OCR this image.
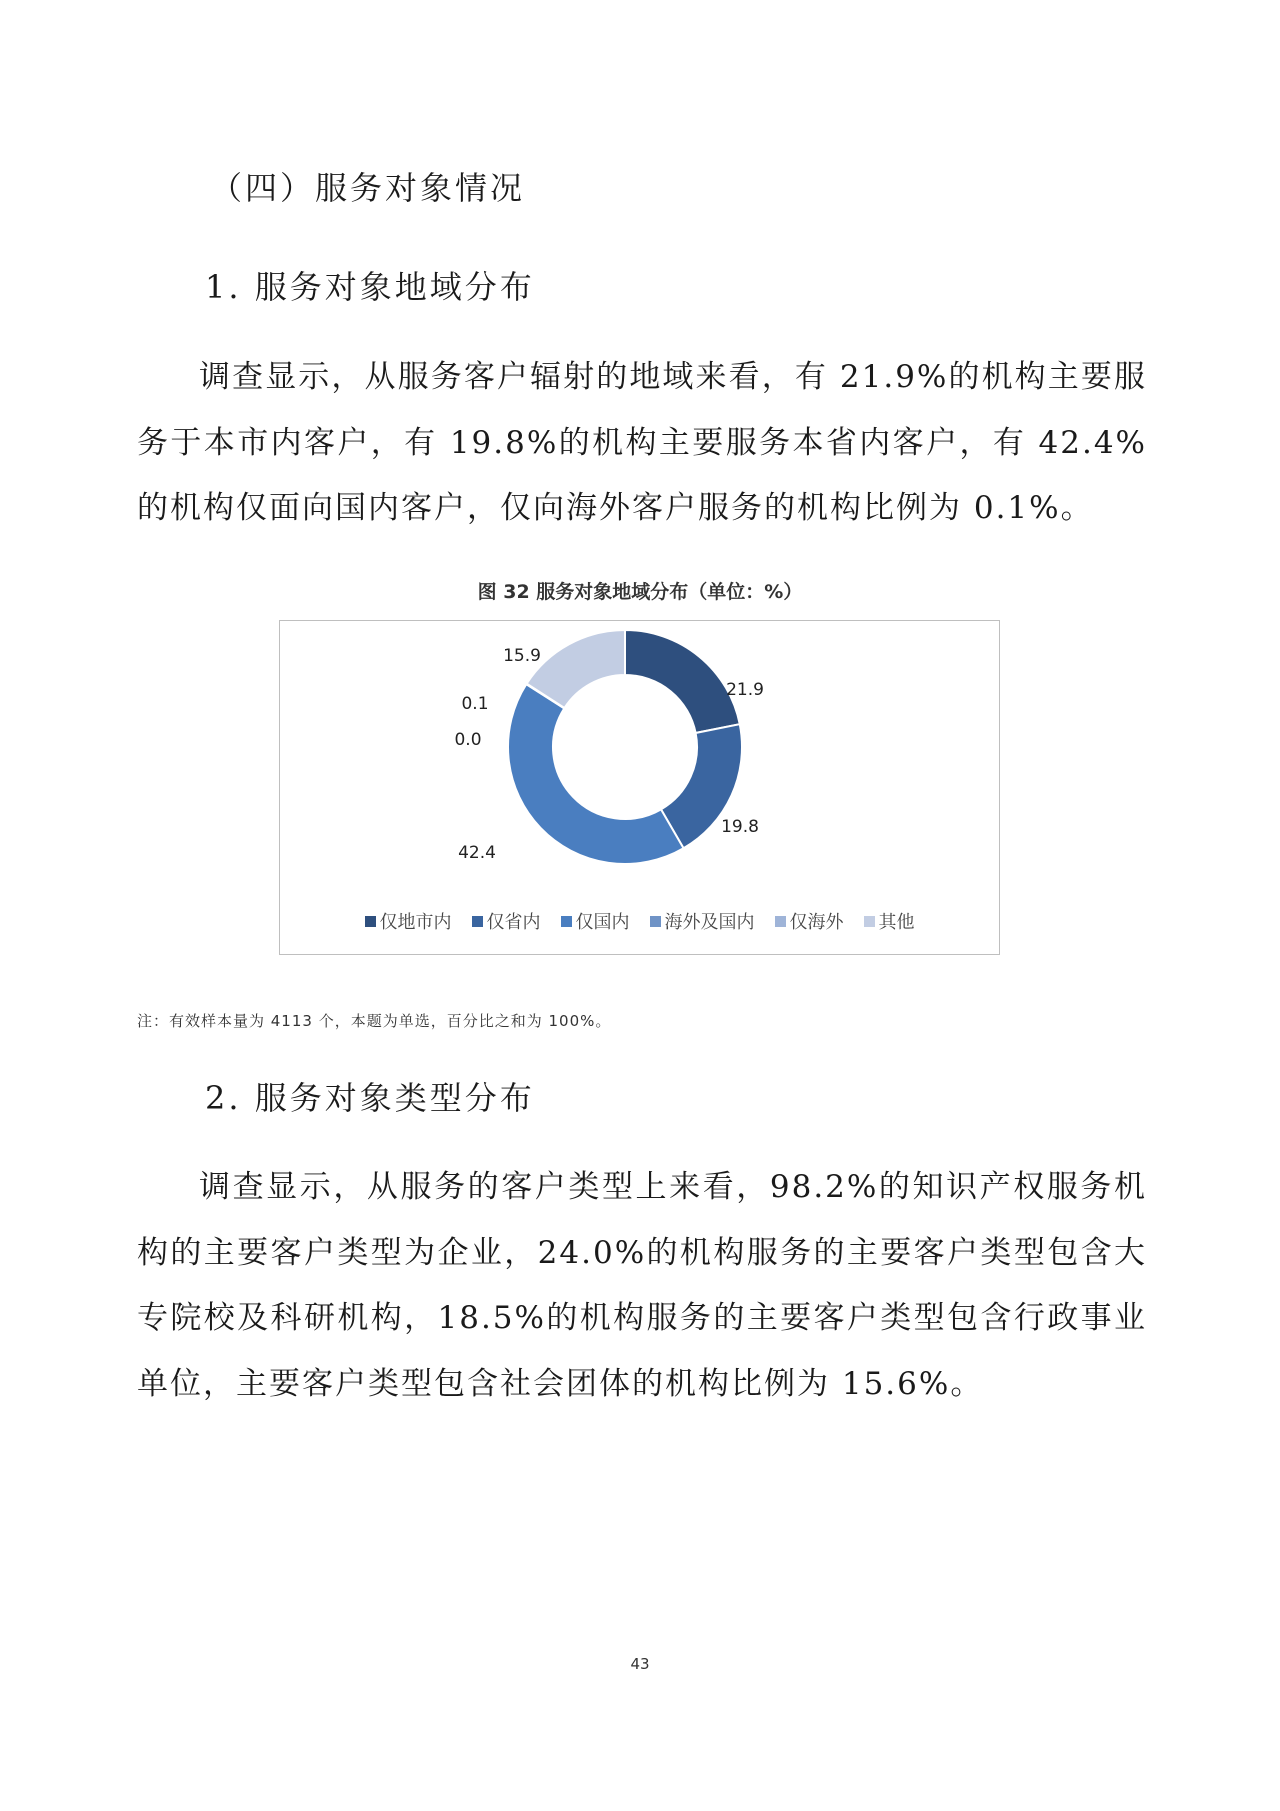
（四）服务对象情况
1. 服务对象地域分布
调查显示，从服务客户辐射的地域来看，有 21.9%的机构主要服务于本市内客户，有 19.8%的机构主要服务本省内客户，有 42.4%的机构仅面向国内客户，仅向海外客户服务的机构比例为 0.1%。
图 32 服务对象地域分布（单位：%）
21.9
19.8
42.4
0.0
0.1
15.9
仅地市内 仅省内 仅国内 海外及国内 仅海外 其他
注：有效样本量为 4113 个，本题为单选，百分比之和为 100%。
2. 服务对象类型分布
调查显示，从服务的客户类型上来看，98.2%的知识产权服务机构的主要客户类型为企业，24.0%的机构服务的主要客户类型包含大专院校及科研机构，18.5%的机构服务的主要客户类型包含行政事业单位，主要客户类型包含社会团体的机构比例为 15.6%。
43
